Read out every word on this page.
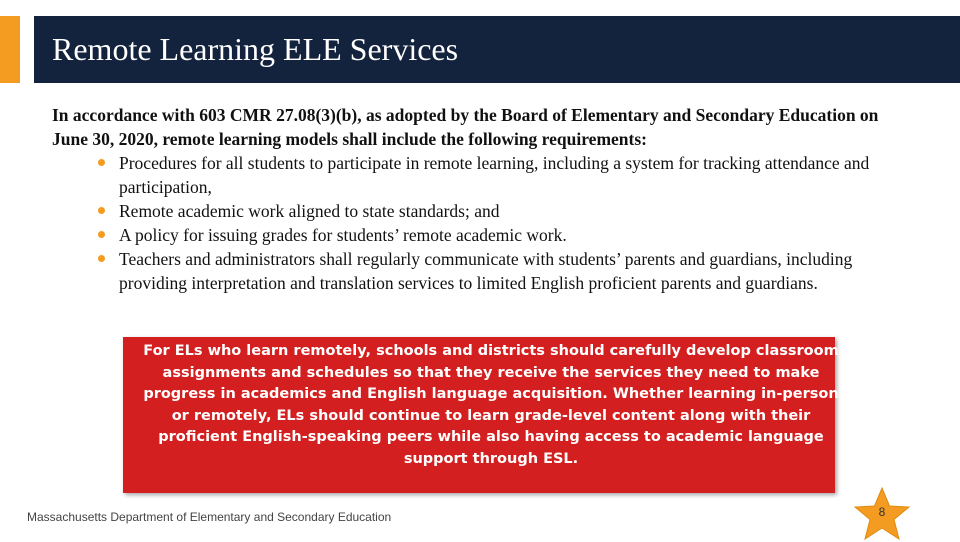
Remote Learning ELE Services
In accordance with 603 CMR 27.08(3)(b), as adopted by the Board of Elementary and Secondary Education on June 30, 2020, remote learning models shall include the following requirements:
Procedures for all students to participate in remote learning, including a system for tracking attendance and participation,
Remote academic work aligned to state standards; and
A policy for issuing grades for students’ remote academic work.
Teachers and administrators shall regularly communicate with students’ parents and guardians, including providing interpretation and translation services to limited English proficient parents and guardians.
For ELs who learn remotely, schools and districts should carefully develop classroom assignments and schedules so that they receive the services they need to make progress in academics and English language acquisition. Whether learning in-person or remotely, ELs should continue to learn grade-level content along with their proficient English-speaking peers while also having access to academic language support through ESL.
Massachusetts Department of Elementary and Secondary Education	8
